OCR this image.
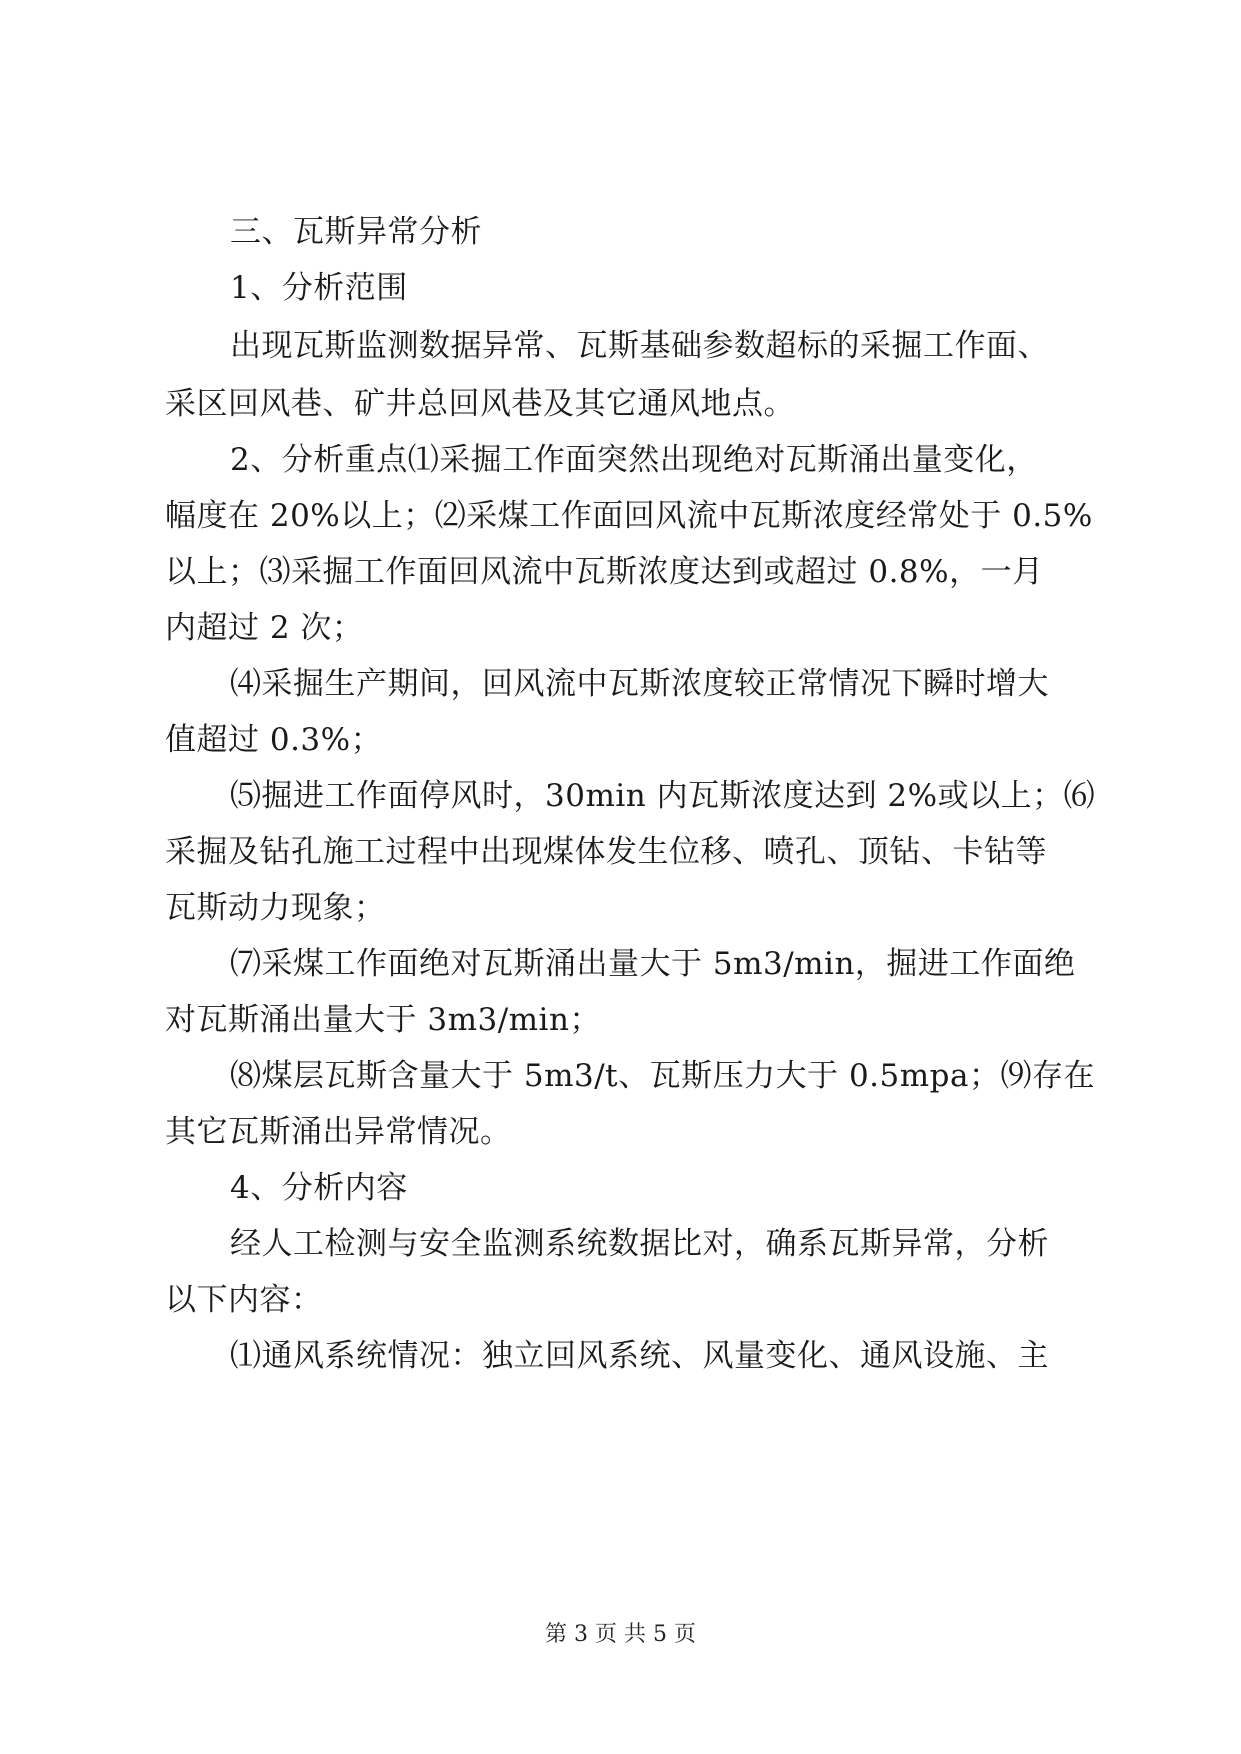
三、瓦斯异常分析
1、分析范围
出现瓦斯监测数据异常、瓦斯基础参数超标的采掘工作面、
采区回风巷、矿井总回风巷及其它通风地点。
2、分析重点⑴采掘工作面突然出现绝对瓦斯涌出量变化，
幅度在 20%以上；⑵采煤工作面回风流中瓦斯浓度经常处于 0.5%
以上；⑶采掘工作面回风流中瓦斯浓度达到或超过 0.8%，一月
内超过 2 次；
⑷采掘生产期间，回风流中瓦斯浓度较正常情况下瞬时增大
值超过 0.3%；
⑸掘进工作面停风时，30min 内瓦斯浓度达到 2%或以上；⑹
采掘及钻孔施工过程中出现煤体发生位移、喷孔、顶钻、卡钻等
瓦斯动力现象；
⑺采煤工作面绝对瓦斯涌出量大于 5m3/min，掘进工作面绝
对瓦斯涌出量大于 3m3/min；
⑻煤层瓦斯含量大于 5m3/t、瓦斯压力大于 0.5mpa；⑼存在
其它瓦斯涌出异常情况。
4、分析内容
经人工检测与安全监测系统数据比对，确系瓦斯异常，分析
以下内容：
⑴通风系统情况：独立回风系统、风量变化、通风设施、主
第 3 页 共 5 页
